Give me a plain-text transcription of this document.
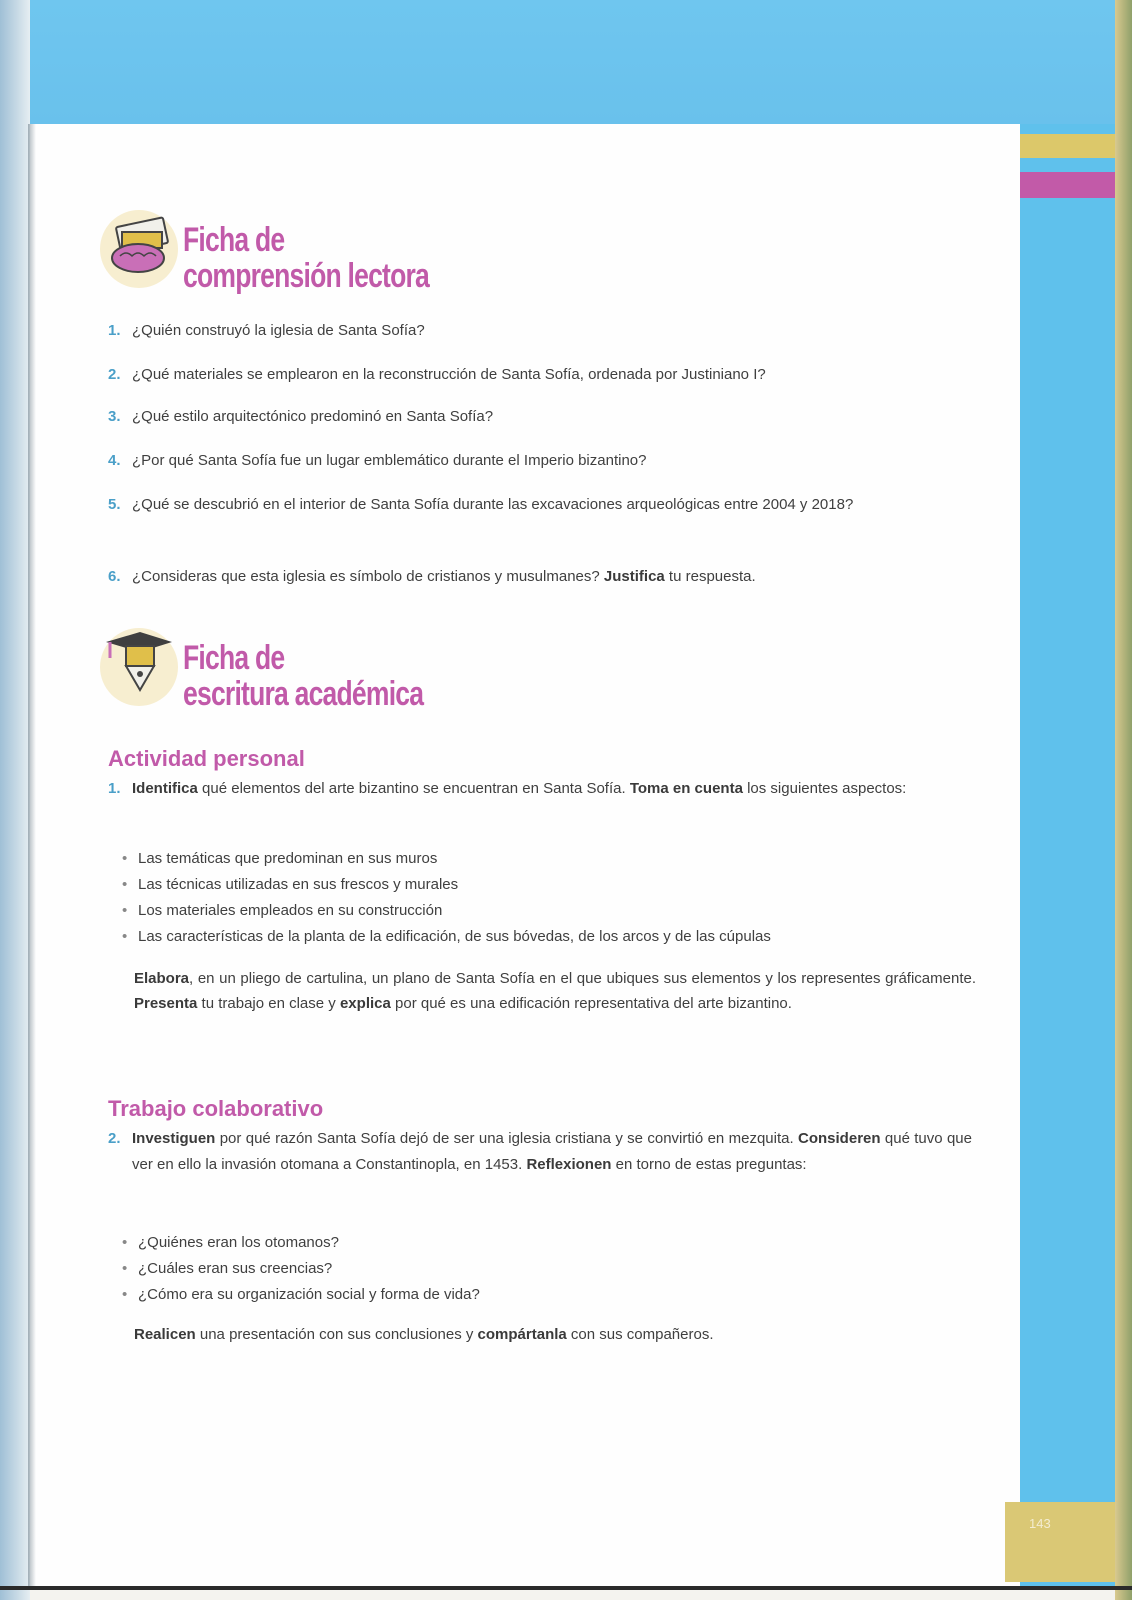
143
Ficha de
comprensión lectora
1. ¿Quién construyó la iglesia de Santa Sofía?
2. ¿Qué materiales se emplearon en la reconstrucción de Santa Sofía, ordenada por Justiniano I?
3. ¿Qué estilo arquitectónico predominó en Santa Sofía?
4. ¿Por qué Santa Sofía fue un lugar emblemático durante el Imperio bizantino?
5. ¿Qué se descubrió en el interior de Santa Sofía durante las excavaciones arqueológicas entre 2004 y 2018?
6. ¿Consideras que esta iglesia es símbolo de cristianos y musulmanes? Justifica tu respuesta.
Ficha de
escritura académica
Actividad personal
1. Identifica qué elementos del arte bizantino se encuentran en Santa Sofía. Toma en cuenta los siguientes aspectos:
• Las temáticas que predominan en sus muros
• Las técnicas utilizadas en sus frescos y murales
• Los materiales empleados en su construcción
• Las características de la planta de la edificación, de sus bóvedas, de los arcos y de las cúpulas
Elabora, en un pliego de cartulina, un plano de Santa Sofía en el que ubiques sus elementos y los representes gráficamente. Presenta tu trabajo en clase y explica por qué es una edificación representativa del arte bizantino.
Trabajo colaborativo
2. Investiguen por qué razón Santa Sofía dejó de ser una iglesia cristiana y se convirtió en mezquita. Consideren qué tuvo que ver en ello la invasión otomana a Constantinopla, en 1453. Reflexionen en torno de estas preguntas:
• ¿Quiénes eran los otomanos?
• ¿Cuáles eran sus creencias?
• ¿Cómo era su organización social y forma de vida?
Realicen una presentación con sus conclusiones y compártanla con sus compañeros.
